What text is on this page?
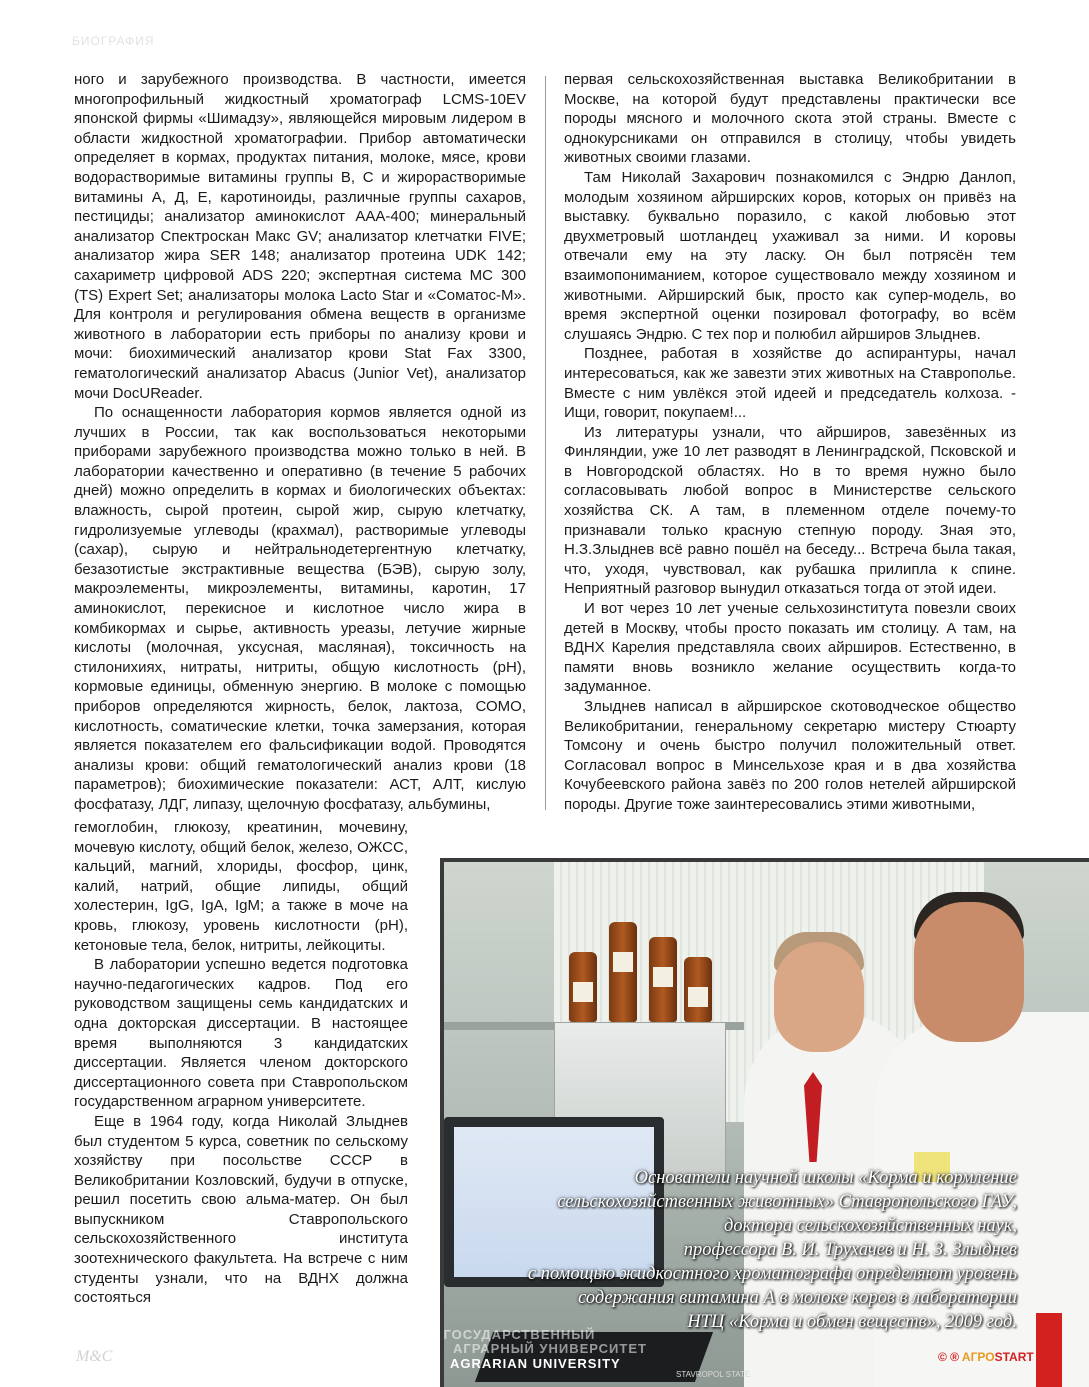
БИОГРАФИЯ

ного и зарубежного производства. В частности, имеется многопрофильный жидкостный хроматограф LCMS-10EV японской фирмы «Шимадзу», являющейся мировым лидером в области жидкостной хроматографии. Прибор автоматически определяет в кормах, продуктах питания, молоке, мясе, крови водорастворимые витамины группы В, С и жирорастворимые витамины А, Д, Е, каротиноиды, различные группы сахаров, пестициды; анализатор аминокислот ААА-400; минеральный анализатор Спектроскан Макс GV; анализатор клетчатки FIVE; анализатор жира SER 148; анализатор протеина UDK 142; сахариметр цифровой ADS 220; экспертная система МС 300 (TS) Expert Set; анализаторы молока Lacto Star и «Соматос-М». Для контроля и регулирования обмена веществ в организме животного в лаборатории есть приборы по анализу крови и мочи: биохимический анализатор крови Stat Fax 3300, гематологический анализатор Abacus (Junior Vet), анализатор мочи DocUReader.

По оснащенности лаборатория кормов является одной из лучших в России, так как воспользоваться некоторыми приборами зарубежного производства можно только в ней. В лаборатории качественно и оперативно (в течение 5 рабочих дней) можно определить в кормах и биологических объектах: влажность, сырой протеин, сырой жир, сырую клетчатку, гидролизуемые углеводы (крахмал), растворимые углеводы (сахар), сырую и нейтральнодетергентную клетчатку, безазотистые экстрактивные вещества (БЭВ), сырую золу, макроэлементы, микроэлементы, витамины, каротин, 17 аминокислот, перекисное и кислотное число жира в комбикормах и сырье, активность уреазы, летучие жирные кислоты (молочная, уксусная, масляная), токсичность на стилонихиях, нитраты, нитриты, общую кислотность (рН), кормовые единицы, обменную энергию. В молоке с помощью приборов определяются жирность, белок, лактоза, СОМО, кислотность, соматические клетки, точка замерзания, которая является показателем его фальсификации водой. Проводятся анализы крови: общий гематологический анализ крови (18 параметров); биохимические показатели: АСТ, АЛТ, кислую фосфатазу, ЛДГ, липазу, щелочную фосфатазу, альбумины,

первая сельскохозяйственная выставка Великобритании в Москве, на которой будут представлены практически все породы мясного и молочного скота этой страны. Вместе с однокурсниками он отправился в столицу, чтобы увидеть животных своими глазами.

Там Николай Захарович познакомился с Эндрю Данлоп, молодым хозяином айрширских коров, которых он привёз на выставку. буквально поразило, с какой любовью этот двухметровый шотландец ухаживал за ними. И коровы отвечали ему на эту ласку. Он был потрясён тем взаимопониманием, которое существовало между хозяином и животными. Айрширский бык, просто как супер-модель, во время экспертной оценки позировал фотографу, во всём слушаясь Эндрю. С тех пор и полюбил айрширов Злыднев.

Позднее, работая в хозяйстве до аспирантуры, начал интересоваться, как же завезти этих животных на Ставрополье. Вместе с ним увлёкся этой идеей и председатель колхоза. - Ищи, говорит, покупаем!...

Из литературы узнали, что айрширов, завезённых из Финляндии, уже 10 лет разводят в Ленинградской, Псковской и в Новгородской областях. Но в то время нужно было согласовывать любой вопрос в Министерстве сельского хозяйства СК. А там, в племенном отделе почему-то признавали только красную степную породу. Зная это, Н.З.Злыднев всё равно пошёл на беседу... Встреча была такая, что, уходя, чувствовал, как рубашка прилипла к спине. Неприятный разговор вынудил отказаться тогда от этой идеи.

И вот через 10 лет ученые сельхозинститута повезли своих детей в Москву, чтобы просто показать им столицу. А там, на ВДНХ Карелия представляла своих айрширов. Естественно, в памяти вновь возникло желание осуществить когда-то задуманное.

Злыднев написал в айрширское скотоводческое общество Великобритании, генеральному секретарю мистеру Стюарту Томсону и очень быстро получил положительный ответ. Согласовал вопрос в Минсельхозе края и в два хозяйства Кочубеевского района завёз по 200 голов нетелей айрширской породы. Другие тоже заинтересовались этими животными,

гемоглобин, глюкозу, креатинин, мочевину, мочевую кислоту, общий белок, железо, ОЖСС, кальций, магний, хлориды, фосфор, цинк, калий, натрий, общие липиды, общий холестерин, IgG, IgA, IgM; а также в моче на кровь, глюкозу, уровень кислотности (рН), кетоновые тела, белок, нитриты, лейкоциты.

В лаборатории успешно ведется подготовка научно-педагогических кадров. Под его руководством защищены семь кандидатских и одна докторская диссертации. В настоящее время выполняются 3 кандидатских диссертации. Является членом докторского диссертационного совета при Ставропольском государственном аграрном университете.

Еще в 1964 году, когда Николай Злыднев был студентом 5 курса, советник по сельскому хозяйству при посольстве СССР в Великобритании Козловский, будучи в отпуске, решил посетить свою альма-матер. Он был выпускником Ставропольского сельскохозяйственного института зоотехнического факультета. На встрече с ним студенты узнали, что на ВДНХ должна состояться

Основатели научной школы «Корма и кормление
сельскохозяйственных животных» Ставропольского ГАУ,
доктора сельскохозяйственных наук,
профессора В. И. Трухачев и Н. З. Злыднев
с помощью жидкостного хроматографа определяют уровень
содержания витамина А в молоке коров в лаборатории
НТЦ «Корма и обмен веществ», 2009 год.
М&С
СТАВРОПОЛЬСКИЙ ГОСУДАРСТВЕННЫЙ
АГРАРНЫЙ УНИВЕРСИТЕТ
AGRARIAN UNIVERSITY
STAVROPOL STATE
© ® AГРОSTART
